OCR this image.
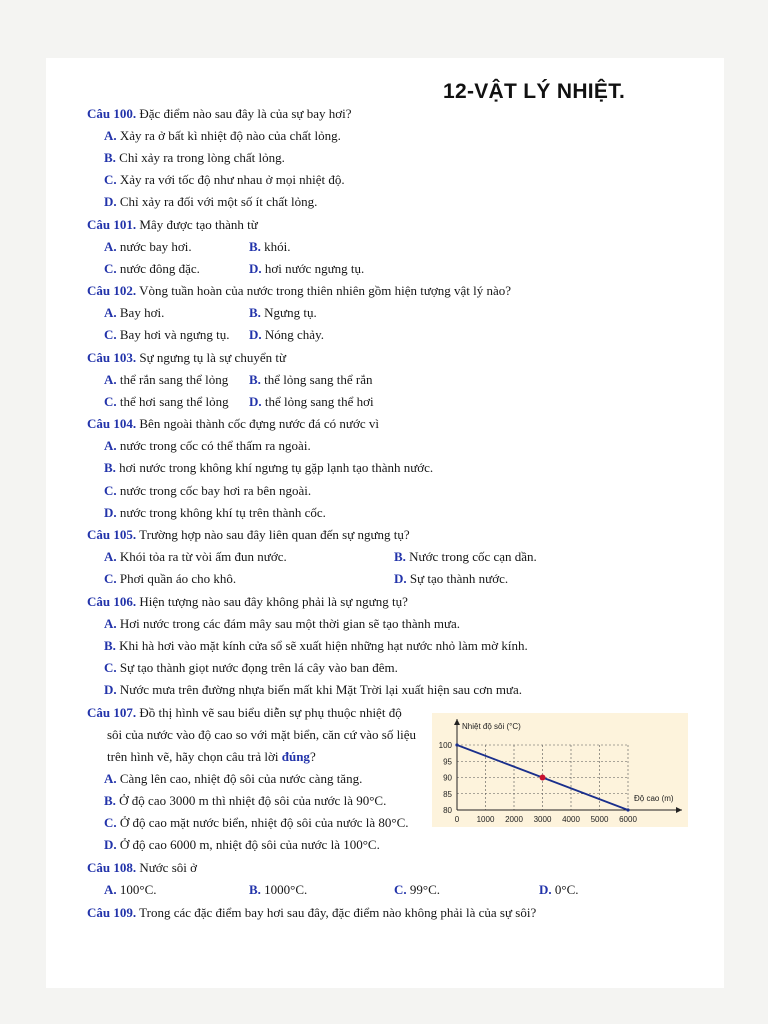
12-VẬT LÝ NHIỆT.
Câu 100. Đặc điểm nào sau đây là của sự bay hơi?
A. Xảy ra ở bất kì nhiệt độ nào của chất lỏng.
B. Chỉ xảy ra trong lòng chất lỏng.
C. Xảy ra với tốc độ như nhau ở mọi nhiệt độ.
D. Chỉ xảy ra đối với một số ít chất lỏng.
Câu 101. Mây được tạo thành từ
A. nước bay hơi.	B. khói.
C. nước đông đặc.	D. hơi nước ngưng tụ.
Câu 102. Vòng tuần hoàn của nước trong thiên nhiên gồm hiện tượng vật lý nào?
A. Bay hơi.	B. Ngưng tụ.
C. Bay hơi và ngưng tụ. D. Nóng chảy.
Câu 103. Sự ngưng tụ là sự chuyển từ
A. thể rắn sang thể lỏng B. thể lỏng sang thể rắn
C. thể hơi sang thể lỏng D. thể lỏng sang thể hơi
Câu 104. Bên ngoài thành cốc đựng nước đá có nước vì
A. nước trong cốc có thể thấm ra ngoài.
B. hơi nước trong không khí ngưng tụ gặp lạnh tạo thành nước.
C. nước trong cốc bay hơi ra bên ngoài.
D. nước trong không khí tụ trên thành cốc.
Câu 105. Trường hợp nào sau đây liên quan đến sự ngưng tụ?
A. Khói tỏa ra từ vòi ấm đun nước.	B. Nước trong cốc cạn dần.
C. Phơi quần áo cho khô.	D. Sự tạo thành nước.
Câu 106. Hiện tượng nào sau đây không phải là sự ngưng tụ?
A. Hơi nước trong các đám mây sau một thời gian sẽ tạo thành mưa.
B. Khi hà hơi vào mặt kính cửa sổ sẽ xuất hiện những hạt nước nhỏ làm mờ kính.
C. Sự tạo thành giọt nước đọng trên lá cây vào ban đêm.
D. Nước mưa trên đường nhựa biến mất khi Mặt Trời lại xuất hiện sau cơn mưa.
Câu 107. Đồ thị hình vẽ sau biểu diễn sự phụ thuộc nhiệt độ
sôi của nước vào độ cao so với mặt biển, căn cứ vào số liệu
trên hình vẽ, hãy chọn câu trả lời đúng?
A. Càng lên cao, nhiệt độ sôi của nước càng tăng.
B. Ở độ cao 3000 m thì nhiệt độ sôi của nước là 90°C.
C. Ở độ cao mặt nước biển, nhiệt độ sôi của nước là 80°C.
D. Ở độ cao 6000 m, nhiệt độ sôi của nước là 100°C.
0 1000 2000 3000 4000 5000 6000
80
85
90
95
100
Nhiệt độ sôi (°C)
Độ cao (m)
Câu 108. Nước sôi ở
A. 100°C.	B. 1000°C.	C. 99°C.	D. 0°C.
Câu 109. Trong các đặc điểm bay hơi sau đây, đặc điểm nào không phải là của sự sôi?
